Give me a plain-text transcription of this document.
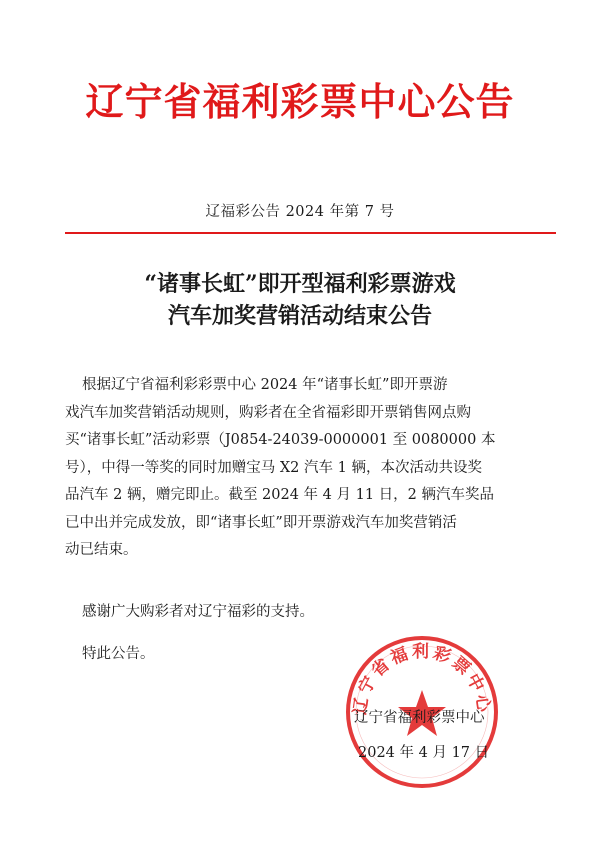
辽宁省福利彩票中心公告
辽福彩公告 2024 年第 7 号
“诸事长虹”即开型福利彩票游戏
汽车加奖营销活动结束公告
根据辽宁省福利彩彩票中心 2024 年“诸事长虹”即开票游
戏汽车加奖营销活动规则，购彩者在全省福彩即开票销售网点购
买“诸事长虹”活动彩票（J0854-24039-0000001 至 0080000 本
号），中得一等奖的同时加赠宝马 X2 汽车 1 辆，本次活动共设奖
品汽车 2 辆，赠完即止。截至 2024 年 4 月 11 日，2 辆汽车奖品
已中出并完成发放，即“诸事长虹”即开票游戏汽车加奖营销活
动已结束。
感谢广大购彩者对辽宁福彩的支持。
特此公告。
辽宁省福利彩票中心
辽宁省福利彩票中心
2024 年 4 月 17 日
